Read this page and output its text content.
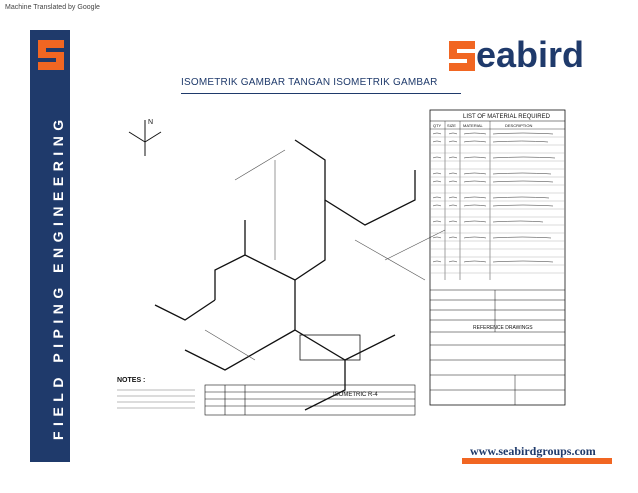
Machine Translated by Google
FIELD PIPING ENGINEERING
eabird
ISOMETRIK GAMBAR TANGAN ISOMETRIK GAMBAR
N
ISOMETRIC R-4
NOTES :
LIST OF MATERIAL REQUIRED
QTY SIZE MATERIAL	DESCRIPTION
REFERENCE DRAWINGS
www.seabirdgroups.com
